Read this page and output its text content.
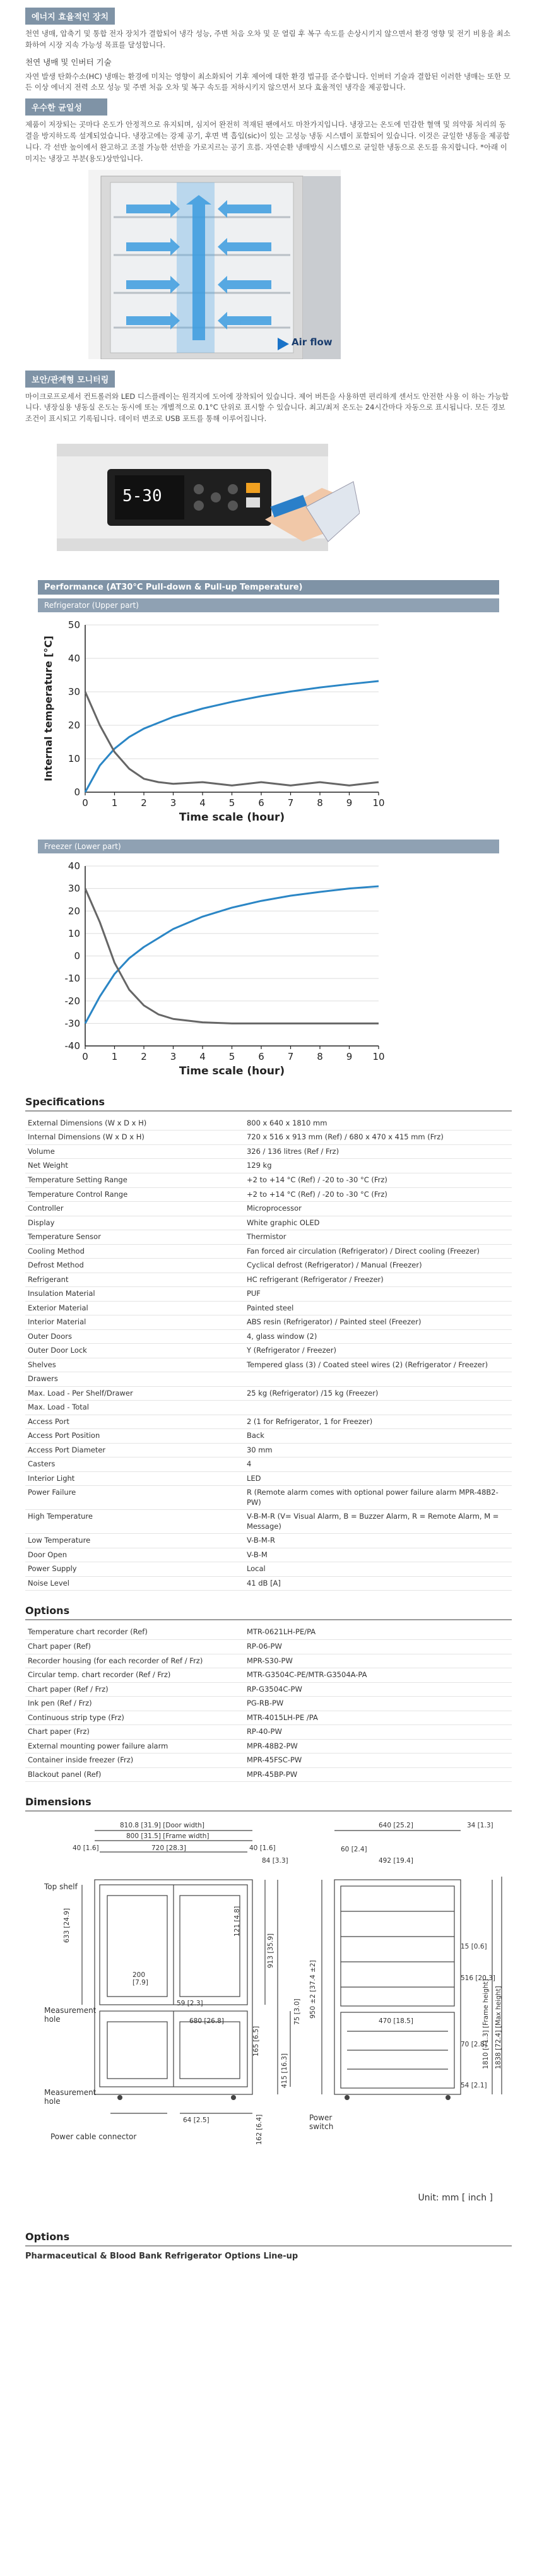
에너지 효율적인 장치

천연 냉매, 압축기 및 통합 전자 장치가 결합되어 냉각 성능, 주변 처음 오차 및 문 열림 후 복구 속도를 손상시키지 않으면서 환경 영향 및 전기 비용을 최소화하여 시장 지속 가능성 목표를 달성합니다.

천연 냉매 및 인버터 기술

자연 발생 탄화수소(HC) 냉매는 환경에 미치는 영향이 최소화되어 기후 제어에 대한 환경 법규를 준수합니다. 인버터 기술과 결합된 이러한 냉매는 또한 모든 이상 에너지 전력 소모 성능 및 주변 처음 오차 및 복구 속도를 저하시키지 않으면서 보다 효율적인 냉각을 제공합니다.

우수한 균일성

제품이 저장되는 곳마다 온도가 안정적으로 유지되며, 심지어 완전히 적재된 팬에서도 마찬가지입니다. 냉장고는 온도에 민감한 혈액 및 의약품 처리의 동결을 방지하도록 설계되었습니다. 냉장고에는 강제 공기, 후면 벽 흡입(sic)이 있는 고성능 냉동 시스템이 포함되어 있습니다. 이것은 균일한 냉동을 제공합니다. 각 선반 높이에서 완고하고 조절 가능한 선반을 가로지르는 공기 흐름. 자연순환 냉매방식 시스템으로 균일한 냉동으로 온도를 유지합니다. *아래 이미지는 냉장고 부분(용도)상만입니다.

Air flow
보안/관계형 모니터링

마이크로프로세서 컨트롤러와 LED 디스플레이는 원격지에 도어에 장착되어 있습니다. 제어 버튼을 사용하면 편리하게 센서도 안전한 사용 이 하는 가능합니다. 냉장실용 냉동실 온도는 동시에 또는 개별적으로 0.1°C 단위로 표시할 수 있습니다. 최고/최저 온도는 24시간마다 자동으로 표시됩니다. 모든 경보 조건이 표시되고 기록됩니다. 데이터 변조로 USB 포트를 통해 이루어집니다.

5-30
Performance (AT30°C Pull-down & Pull-up Temperature)
Refrigerator (Upper part)
0
10
20
30
40
50
0 1 2 3 4 5 6 7 8 9 10
Time scale (hour)
Internal temperature [°C]
Freezer (Lower part)
-40
-30
-20
-10
0
10
20
30
40
0 1 2 3 4 5 6 7 8 9 10
Time scale (hour)
Specifications
External Dimensions (W x D x H)	800 x 640 x 1810 mm
Internal Dimensions (W x D x H)	720 x 516 x 913 mm (Ref) / 680 x 470 x 415 mm (Frz)
Volume	326 / 136 litres (Ref / Frz)
Net Weight	129 kg
Temperature Setting Range	+2 to +14 °C (Ref) / -20 to -30 °C (Frz)
Temperature Control Range	+2 to +14 °C (Ref) / -20 to -30 °C (Frz)
Controller	Microprocessor
Display	White graphic OLED
Temperature Sensor	Thermistor
Cooling Method	Fan forced air circulation (Refrigerator) / Direct cooling (Freezer)
Defrost Method	Cyclical defrost (Refrigerator) / Manual (Freezer)
Refrigerant	HC refrigerant (Refrigerator / Freezer)
Insulation Material	PUF
Exterior Material	Painted steel
Interior Material	ABS resin (Refrigerator) / Painted steel (Freezer)
Outer Doors	4, glass window (2)
Outer Door Lock	Y (Refrigerator / Freezer)
Shelves	Tempered glass (3) / Coated steel wires (2) (Refrigerator / Freezer)
Drawers	
Max. Load - Per Shelf/Drawer	25 kg (Refrigerator) /15 kg (Freezer)
Max. Load - Total	
Access Port	2 (1 for Refrigerator, 1 for Freezer)
Access Port Position	Back
Access Port Diameter	30 mm
Casters	4
Interior Light	LED
Power Failure	R (Remote alarm comes with optional power failure alarm MPR-48B2-PW)
High Temperature	V-B-M-R (V= Visual Alarm, B = Buzzer Alarm, R = Remote Alarm, M = Message)
Low Temperature	V-B-M-R
Door Open	V-B-M
Power Supply	Local
Noise Level	41 dB [A]
Options
Temperature chart recorder (Ref)	MTR-0621LH-PE/PA
Chart paper (Ref)	RP-06-PW
Recorder housing (for each recorder of Ref / Frz)	MPR-S30-PW
Circular temp. chart recorder (Ref / Frz)	MTR-G3504C-PE/MTR-G3504A-PA
Chart paper (Ref / Frz)	RP-G3504C-PW
Ink pen (Ref / Frz)	PG-RB-PW
Continuous strip type (Frz)	MTR-4015LH-PE /PA
Chart paper (Frz)	RP-40-PW
External mounting power failure alarm	MPR-48B2-PW
Container inside freezer (Frz)	MPR-45FSC-PW
Blackout panel (Ref)	MPR-45BP-PW
Dimensions
810.8 [31.9] [Door width]
800 [31.5] [Frame width]
720 [28.3]
40 [1.6]	40 [1.6]
84 [3.3]
640 [25.2]	34 [1.3]
60 [2.4]
492 [19.4]
633 [24.9]
913 [35.9]
950 ±2 [37.4 ±2]	1810 [71.3] [Frame height] 1838 [72.4] [Max height]
200 [7.9]
59 [2.3]
680 [26.8]	470 [18.5]
516 [20.3]
64 [2.5]	162 [6.4]
70 [2.8]
54 [2.1]
415 [16.3]
121 [4.8]
75 [3.0]
15 [0.6]
165 [6.5]
Top shelf
Measurement hole
Measurement hole
Power cable connector
Power switch
Unit: mm [ inch ]
Options
Pharmaceutical & Blood Bank Refrigerator Options Line-up
